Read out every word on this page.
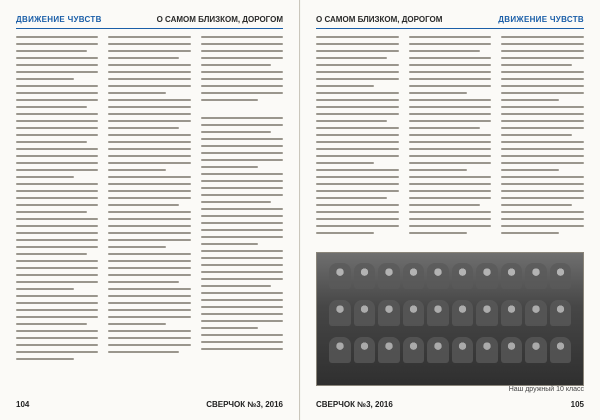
ДВИЖЕНИЕ ЧУВСТВ	О САМОМ БЛИЗКОМ, ДОРОГОМ
104	СВЕРЧОК №3, 2016
О САМОМ БЛИЗКОМ, ДОРОГОМ	ДВИЖЕНИЕ ЧУВСТВ
Наш дружный 10 класс
СВЕРЧОК №3, 2016	105
